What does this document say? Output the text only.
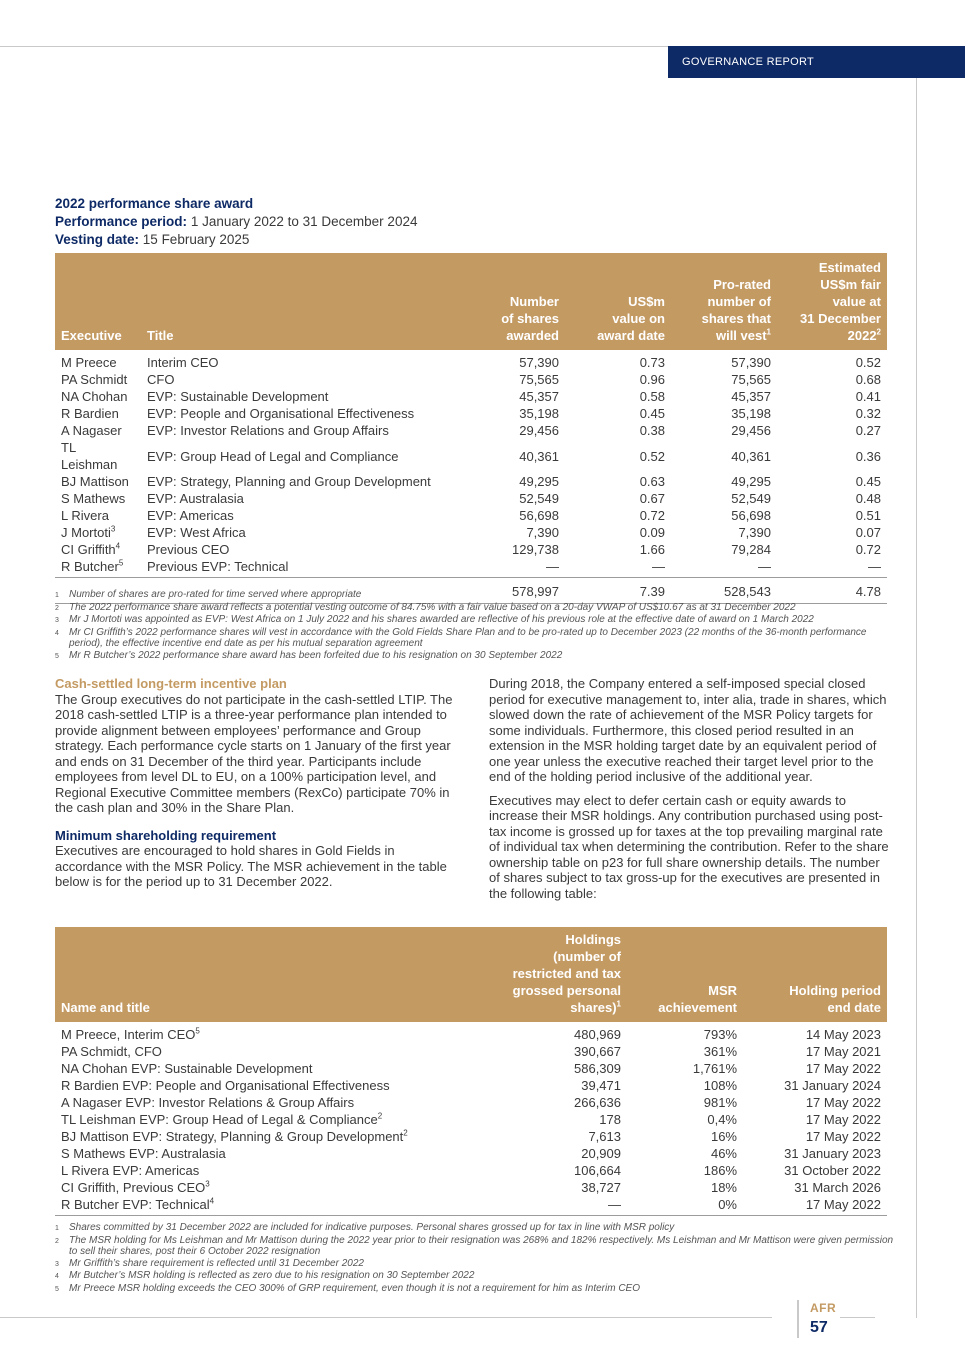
GOVERNANCE REPORT
2022 performance share award
Performance period: 1 January 2022 to 31 December 2024
Vesting date: 15 February 2025
Executive	Title	Number
of shares
awarded	US$m
value on
award date	Pro-rated
number of
shares that
will vest$^1$	Estimated
US$m fair
value at
31 December
2022$^2$
M Preece	Interim CEO	57,390	0.73	57,390	0.52
PA Schmidt	CFO	75,565	0.96	75,565	0.68
NA Chohan	EVP: Sustainable Development	45,357	0.58	45,357	0.41
R Bardien	EVP: People and Organisational Effectiveness	35,198	0.45	35,198	0.32
A Nagaser	EVP: Investor Relations and Group Affairs	29,456	0.38	29,456	0.27
TL Leishman	EVP: Group Head of Legal and Compliance	40,361	0.52	40,361	0.36
BJ Mattison	EVP: Strategy, Planning and Group Development	49,295	0.63	49,295	0.45
S Mathews	EVP: Australasia	52,549	0.67	52,549	0.48
L Rivera	EVP: Americas	56,698	0.72	56,698	0.51
J Mortoti$^3$	EVP: West Africa	7,390	0.09	7,390	0.07
CI Griffith$^4$	Previous CEO	129,738	1.66	79,284	0.72
R Butcher$^5$	Previous EVP: Technical	—	—	—	—
		578,997	7.39	528,543	4.78
1	Number of shares are pro-rated for time served where appropriate
2	The 2022 performance share award reflects a potential vesting outcome of 84.75% with a fair value based on a 20-day VWAP of US$10.67 as at 31 December 2022
3	Mr J Mortoti was appointed as EVP: West Africa on 1 July 2022 and his shares awarded are reflective of his previous role at the effective date of award on 1 March 2022
4	Mr CI Griffith’s 2022 performance shares will vest in accordance with the Gold Fields Share Plan and to be pro-rated up to December 2023 (22 months of the 36-month performance period), the effective incentive end date as per his mutual separation agreement
5	Mr R Butcher’s 2022 performance share award has been forfeited due to his resignation on 30 September 2022
Cash-settled long-term incentive plan

The Group executives do not participate in the cash-settled LTIP. The 2018 cash-settled LTIP is a three-year performance plan intended to provide alignment between employees’ performance and Group strategy. Each performance cycle starts on 1 January of the first year and ends on 31 December of the third year. Participants include employees from level DL to EU, on a 100% participation level, and Regional Executive Committee members (RexCo) participate 70% in the cash plan and 30% in the Share Plan.

Minimum shareholding requirement

Executives are encouraged to hold shares in Gold Fields in accordance with the MSR Policy. The MSR achievement in the table below is for the period up to 31 December 2022.

During 2018, the Company entered a self-imposed special closed period for executive management to, inter alia, trade in shares, which slowed down the rate of achievement of the MSR Policy targets for some individuals. Furthermore, this closed period resulted in an extension in the MSR holding target date by an equivalent period of one year unless the executive reached their target level prior to the end of the holding period inclusive of the additional year.

Executives may elect to defer certain cash or equity awards to increase their MSR holdings. Any contribution purchased using post-tax income is grossed up for taxes at the top prevailing marginal rate of individual tax when determining the contribution. Refer to the share ownership table on p23 for full share ownership details. The number of shares subject to tax gross-up for the executives are presented in the following table:

Name and title	Holdings
(number of
restricted and tax
grossed personal
shares)$^1$	MSR
achievement	Holding period
end date
M Preece, Interim CEO$^5$	480,969	793%	14 May 2023
PA Schmidt, CFO	390,667	361%	17 May 2021
NA Chohan EVP: Sustainable Development	586,309	1,761%	17 May 2022
R Bardien EVP: People and Organisational Effectiveness	39,471	108%	31 January 2024
A Nagaser EVP: Investor Relations & Group Affairs	266,636	981%	17 May 2022
TL Leishman EVP: Group Head of Legal & Compliance$^2$	178	0,4%	17 May 2022
BJ Mattison EVP: Strategy, Planning & Group Development$^2$	7,613	16%	17 May 2022
S Mathews EVP: Australasia	20,909	46%	31 January 2023
L Rivera EVP: Americas	106,664	186%	31 October 2022
CI Griffith, Previous CEO$^3$	38,727	18%	31 March 2026
R Butcher EVP: Technical$^4$	—	0%	17 May 2022
1	Shares committed by 31 December 2022 are included for indicative purposes. Personal shares grossed up for tax in line with MSR policy
2	The MSR holding for Ms Leishman and Mr Mattison during the 2022 year prior to their resignation was 268% and 182% respectively. Ms Leishman and Mr Mattison were given permission to sell their shares, post their 6 October 2022 resignation
3	Mr Griffith’s share requirement is reflected until 31 December 2022
4	Mr Butcher’s MSR holding is reflected as zero due to his resignation on 30 September 2022
5	Mr Preece MSR holding exceeds the CEO 300% of GRP requirement, even though it is not a requirement for him as Interim CEO
AFR
57
